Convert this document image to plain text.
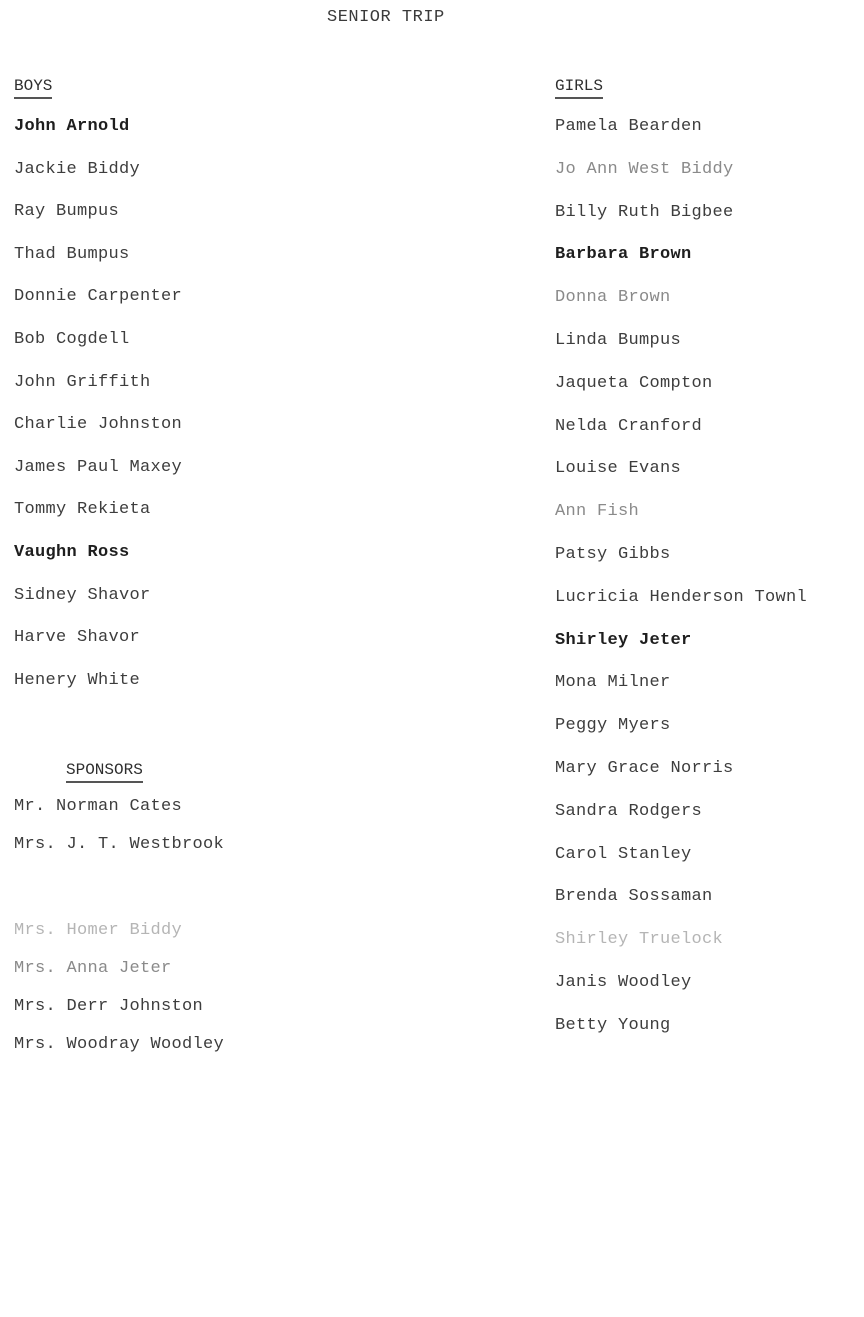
SENIOR TRIP
BOYS
John Arnold
Jackie Biddy
Ray Bumpus
Thad Bumpus
Donnie Carpenter
Bob Cogdell
John Griffith
Charlie Johnston
James Paul Maxey
Tommy Rekieta
Vaughn Ross
Sidney Shavor
Harve Shavor
Henery White
SPONSORS
Mr. Norman Cates
Mrs. J. T. Westbrook
Mrs. Homer Biddy
Mrs. Anna Jeter
Mrs. Derr Johnston
Mrs. Woodray Woodley
GIRLS
Pamela Bearden
Jo Ann West Biddy
Billy Ruth Bigbee
Barbara Brown
Donna Brown
Linda Bumpus
Jaqueta Compton
Nelda Cranford
Louise Evans
Ann Fish
Patsy Gibbs
Lucricia Henderson Townl
Shirley Jeter
Mona Milner
Peggy Myers
Mary Grace Norris
Sandra Rodgers
Carol Stanley
Brenda Sossaman
Shirley Truelock
Janis Woodley
Betty Young
